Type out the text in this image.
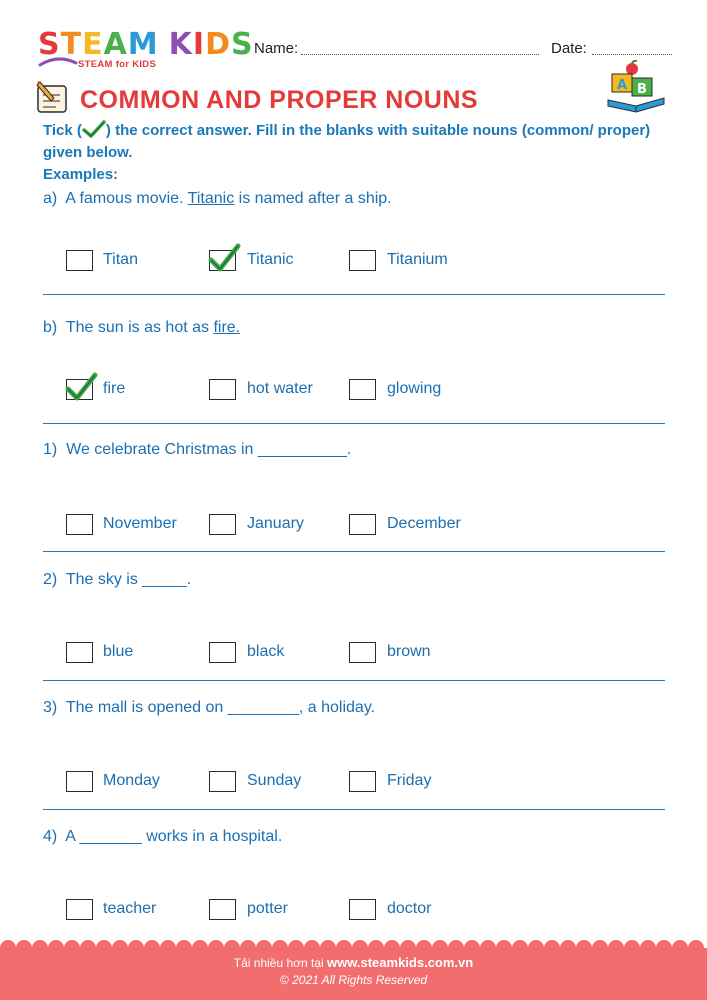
STEAM KIDS
STEAM for KIDS
Name:	Date:
COMMON AND PROPER NOUNS
A B
Tick ( ) the correct answer. Fill in the blanks with suitable nouns (common/ proper) given below.
Examples:
a)  A famous movie. Titanic is named after a ship.
Titan	Titanic	Titanium
b)  The sun is as hot as fire.
fire	hot water	glowing
1)  We celebrate Christmas in __________.
November	January	December
2)  The sky is _____.
blue	black	brown
3)  The mall is opened on ________, a holiday.
Monday	Sunday	Friday
4)  A _______ works in a hospital.
teacher	potter	doctor
Tải nhiều hơn tại www.steamkids.com.vn
© 2021 All Rights Reserved
